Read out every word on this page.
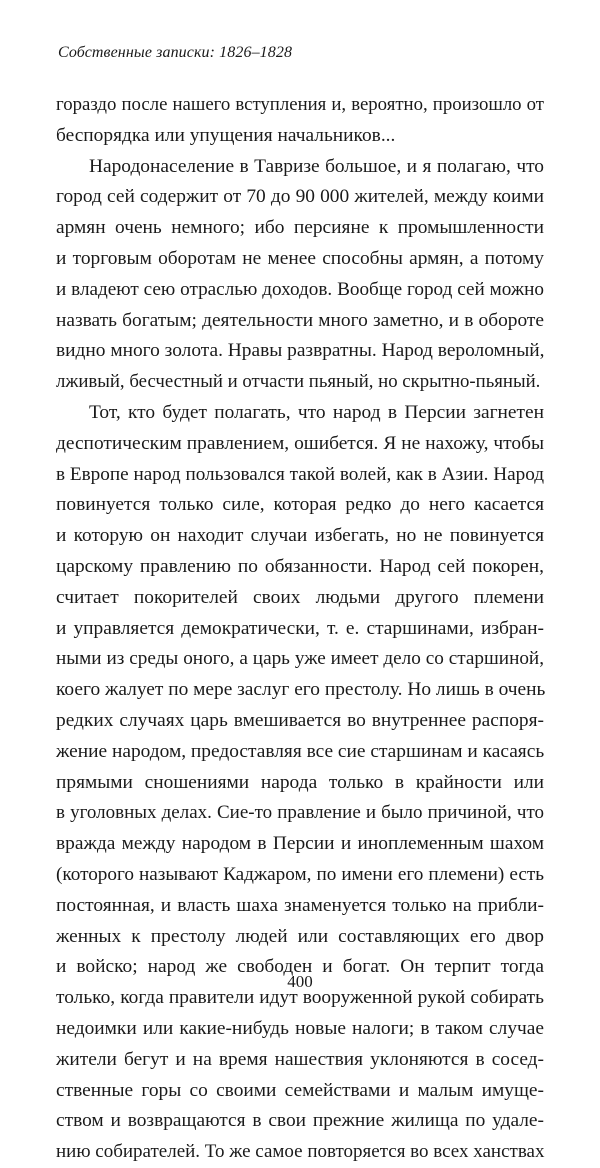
Собственные записки: 1826–1828
гораздо после нашего вступления и, вероятно, произошло от
беспорядка или упущения начальников...
Народонаселение в Тавризе большое, и я полагаю, что
город сей содержит от 70 до 90 000 жителей, между коими
армян очень немного; ибо персияне к промышленности
и торговым оборотам не менее способны армян, а потому
и владеют сею отраслью доходов. Вообще город сей можно
назвать богатым; деятельности много заметно, и в обороте
видно много золота. Нравы развратны. Народ вероломный,
лживый, бесчестный и отчасти пьяный, но скрытно-пьяный.
Тот, кто будет полагать, что народ в Персии загнетен
деспотическим правлением, ошибется. Я не нахожу, чтобы
в Европе народ пользовался такой волей, как в Азии. Народ
повинуется только силе, которая редко до него касается
и которую он находит случаи избегать, но не повинуется
царскому правлению по обязанности. Народ сей покорен,
считает покорителей своих людьми другого племени
и управляется демократически, т. е. старшинами, избран-
ными из среды оного, а царь уже имеет дело со старшиной,
коего жалует по мере заслуг его престолу. Но лишь в очень
редких случаях царь вмешивается во внутреннее распоря-
жение народом, предоставляя все сие старшинам и касаясь
прямыми сношениями народа только в крайности или
в уголовных делах. Сие-то правление и было причиной, что
вражда между народом в Персии и иноплеменным шахом
(которого называют Каджаром, по имени его племени) есть
постоянная, и власть шаха знаменуется только на прибли-
женных к престолу людей или составляющих его двор
и войско; народ же свободен и богат. Он терпит тогда
только, когда правители идут вооруженной рукой собирать
недоимки или какие-нибудь новые налоги; в таком случае
жители бегут и на время нашествия уклоняются в сосед-
ственные горы со своими семействами и малым имуще-
ством и возвращаются в свои прежние жилища по удале-
нию собирателей. То же самое повторяется во всех ханствах
400
